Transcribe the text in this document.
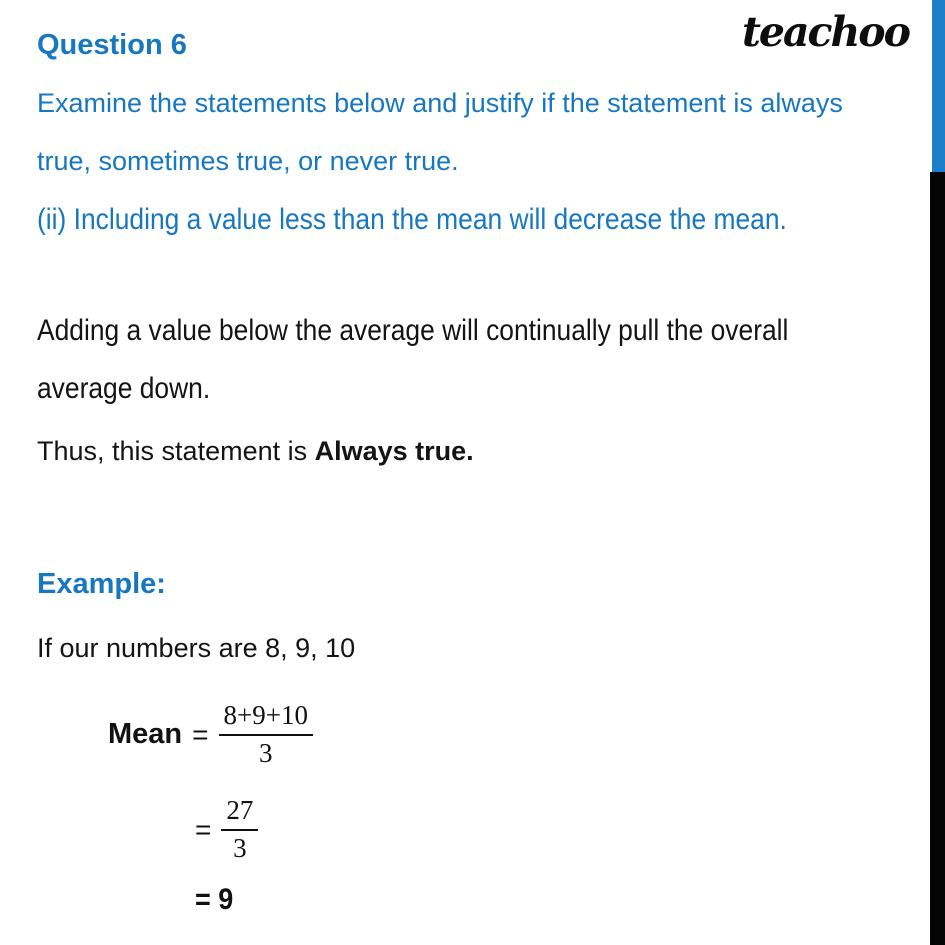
teachoo
Question 6
Examine the statements below and justify if the statement is always
true, sometimes true, or never true.
(ii) Including a value less than the mean will decrease the mean.
Adding a value below the average will continually pull the overall
average down.
Thus, this statement is Always true.
Example:
If our numbers are 8, 9, 10
Mean = $\frac{8+9+10}{3}$
= $\frac{27}{3}$
= 9
